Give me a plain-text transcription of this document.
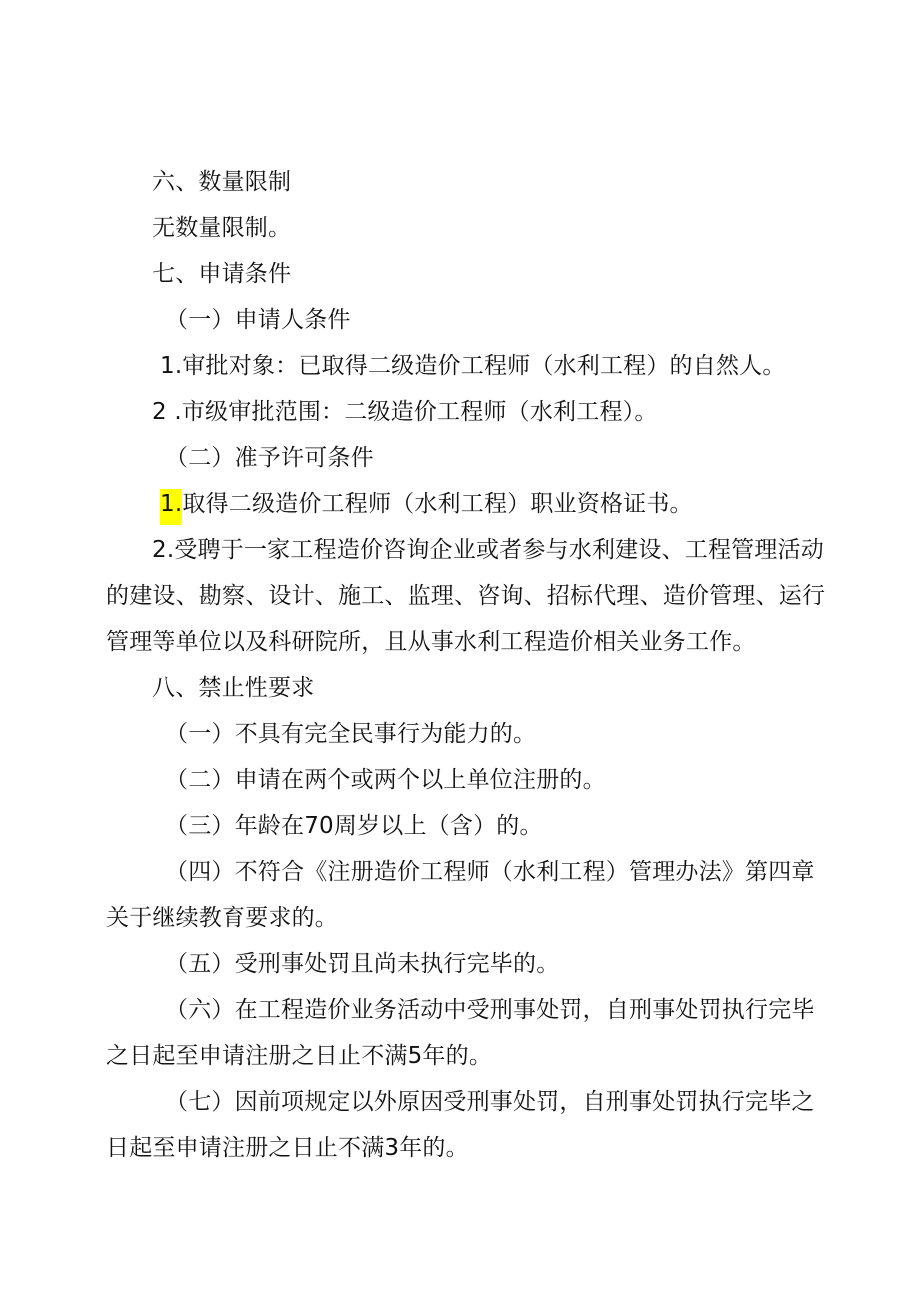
六、数量限制
无数量限制。
七、申请条件
（一）申请人条件
1.审批对象：已取得二级造价工程师（水利工程）的自然人。
2 .市级审批范围：二级造价工程师（水利工程）。
（二）准予许可条件
1.取得二级造价工程师（水利工程）职业资格证书。
2.受聘于一家工程造价咨询企业或者参与水利建设、工程管理活动
的建设、勘察、设计、施工、监理、咨询、招标代理、造价管理、运行
管理等单位以及科研院所，且从事水利工程造价相关业务工作。
八、禁止性要求
（一）不具有完全民事行为能力的。
（二）申请在两个或两个以上单位注册的。
（三）年龄在70周岁以上（含）的。
（四）不符合《注册造价工程师（水利工程）管理办法》第四章
关于继续教育要求的。
（五）受刑事处罚且尚未执行完毕的。
（六）在工程造价业务活动中受刑事处罚，自刑事处罚执行完毕
之日起至申请注册之日止不满5年的。
（七）因前项规定以外原因受刑事处罚，自刑事处罚执行完毕之
日起至申请注册之日止不满3年的。
